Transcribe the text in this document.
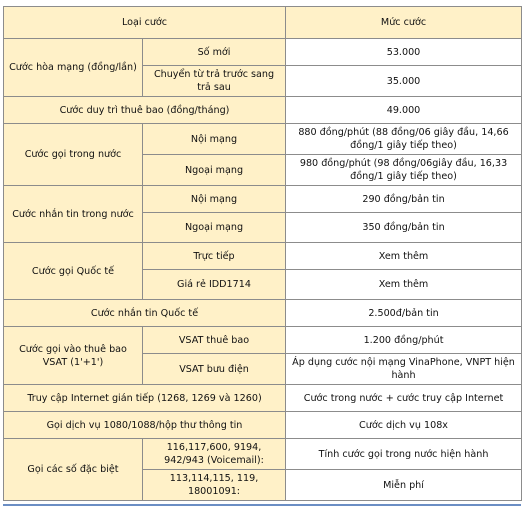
Loại cước		Mức cước
Cước hòa mạng (đồng/lần)	Số mới	53.000
	Chuyển từ trả trước sang trả sau	35.000
Cước duy trì thuê bao (đồng/tháng)		49.000
Cước gọi trong nước	Nội mạng	880 đồng/phút (88 đồng/06 giây đầu, 14,66 đồng/1 giây tiếp theo)
	Ngoại mạng	980 đồng/phút (98 đồng/06giây đầu, 16,33 đồng/1 giây tiếp theo)
Cước nhắn tin trong nước	Nội mạng	290 đồng/bản tin
	Ngoại mạng	350 đồng/bản tin
Cước gọi Quốc tế	Trực tiếp	Xem thêm
	Giá rẻ IDD1714	Xem thêm
Cước nhắn tin Quốc tế		2.500đ/bản tin
Cước gọi vào thuê bao VSAT (1'+1')	VSAT thuê bao	1.200 đồng/phút
	VSAT bưu điện	Áp dụng cước nội mạng VinaPhone, VNPT hiện hành
Truy cập Internet gián tiếp (1268, 1269 và 1260)		Cước trong nước + cước truy cập Internet
Gọi dịch vụ 1080/1088/hộp thư thông tin		Cước dịch vụ 108x
Gọi các số đặc biệt	116,117,600, 9194, 942/943 (Voicemail):	Tính cước gọi trong nước hiện hành
	113,114,115, 119, 18001091:	Miễn phí
